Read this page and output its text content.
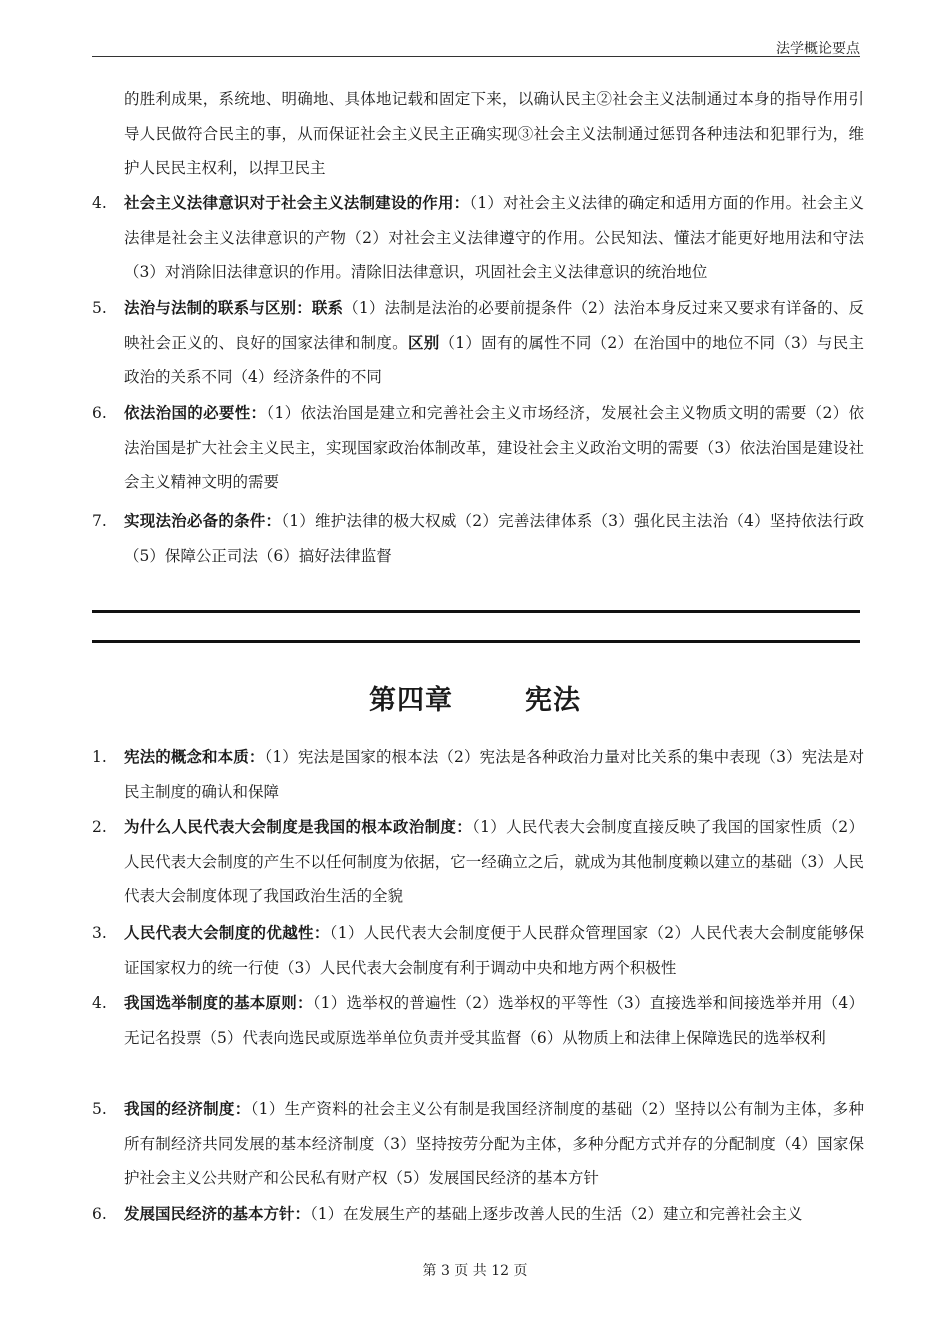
法学概论要点

的胜利成果，系统地、明确地、具体地记载和固定下来，以确认民主②社会主义法制通过本身的指导作用引导人民做符合民主的事，从而保证社会主义民主正确实现③社会主义法制通过惩罚各种违法和犯罪行为，维护人民民主权利，以捍卫民主

4.	社会主义法律意识对于社会主义法制建设的作用：（1）对社会主义法律的确定和适用方面的作用。社会主义法律是社会主义法律意识的产物（2）对社会主义法律遵守的作用。公民知法、懂法才能更好地用法和守法（3）对消除旧法律意识的作用。清除旧法律意识，巩固社会主义法律意识的统治地位

5.	法治与法制的联系与区别：联系（1）法制是法治的必要前提条件（2）法治本身反过来又要求有详备的、反映社会正义的、良好的国家法律和制度。区别（1）固有的属性不同（2）在治国中的地位不同（3）与民主政治的关系不同（4）经济条件的不同

6.	依法治国的必要性：（1）依法治国是建立和完善社会主义市场经济，发展社会主义物质文明的需要（2）依法治国是扩大社会主义民主，实现国家政治体制改革，建设社会主义政治文明的需要（3）依法治国是建设社会主义精神文明的需要

7.	实现法治必备的条件：（1）维护法律的极大权威（2）完善法律体系（3）强化民主法治（4）坚持依法行政（5）保障公正司法（6）搞好法律监督

第四章	宪法

1.	宪法的概念和本质：（1）宪法是国家的根本法（2）宪法是各种政治力量对比关系的集中表现（3）宪法是对民主制度的确认和保障

2.	为什么人民代表大会制度是我国的根本政治制度：（1）人民代表大会制度直接反映了我国的国家性质（2）人民代表大会制度的产生不以任何制度为依据，它一经确立之后，就成为其他制度赖以建立的基础（3）人民代表大会制度体现了我国政治生活的全貌

3.	人民代表大会制度的优越性：（1）人民代表大会制度便于人民群众管理国家（2）人民代表大会制度能够保证国家权力的统一行使（3）人民代表大会制度有利于调动中央和地方两个积极性

4.	我国选举制度的基本原则：（1）选举权的普遍性（2）选举权的平等性（3）直接选举和间接选举并用（4）无记名投票（5）代表向选民或原选举单位负责并受其监督（6）从物质上和法律上保障选民的选举权利

5.	我国的经济制度：（1）生产资料的社会主义公有制是我国经济制度的基础（2）坚持以公有制为主体，多种所有制经济共同发展的基本经济制度（3）坚持按劳分配为主体，多种分配方式并存的分配制度（4）国家保护社会主义公共财产和公民私有财产权（5）发展国民经济的基本方针

6.	发展国民经济的基本方针：（1）在发展生产的基础上逐步改善人民的生活（2）建立和完善社会主义

第 3 页 共 12 页
